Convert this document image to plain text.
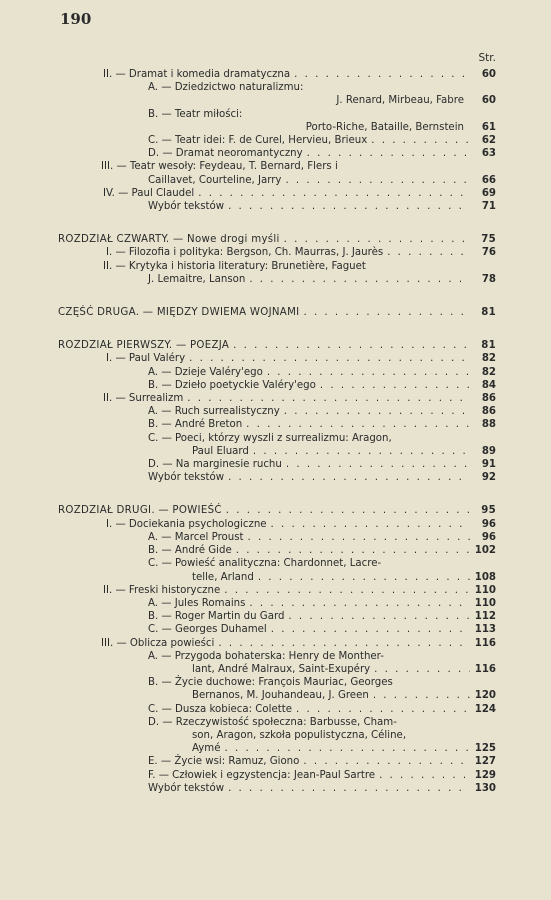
190
Str.
II. — Dramat i komedia dramatyczna . . .	60
A. — Dziedzictwo naturalizmu:
J. Renard, Mirbeau, Fabre	60
B. — Teatr miłości:
Porto-Riche, Bataille, Bernstein	61
C. — Teatr idei: F. de Curel, Hervieu, Brieux . . .	62
D. — Dramat neoromantyczny . . .	63
III. — Teatr wesoły: Feydeau, T. Bernard, Flers i
Caillavet, Courteline, Jarry . . .	66
IV. — Paul Claudel . . .	69
Wybór tekstów . . .	71
ROZDZIAŁ CZWARTY. — Nowe drogi myśli . . .	75
I. — Filozofia i polityka: Bergson, Ch. Maurras, J. Jaurès . . .	76
II. — Krytyka i historia literatury: Brunetière, Faguet
J. Lemaitre, Lanson . . .	78
CZĘŚĆ DRUGA. — MIĘDZY DWIEMA WOJNAMI . . .	81
ROZDZIAŁ PIERWSZY. — POEZJA . . .	81
I. — Paul Valéry . . .	82
A. — Dzieje Valéry'ego . . .	82
B. — Dzieło poetyckie Valéry'ego . . .	84
II. — Surrealizm . . .	86
A. — Ruch surrealistyczny . . .	86
B. — André Breton . . .	88
C. — Poeci, którzy wyszli z surrealizmu: Aragon,
Paul Eluard . . .	89
D. — Na marginesie ruchu . . .	91
Wybór tekstów . . .	92
ROZDZIAŁ DRUGI. — POWIEŚĆ . . .	95
I. — Dociekania psychologiczne . . .	96
A. — Marcel Proust . . .	96
B. — André Gide . . .	102
C. — Powieść analityczna: Chardonnet, Lacre-
telle, Arland . . .	108
II. — Freski historyczne . . .	110
A. — Jules Romains . . .	110
B. — Roger Martin du Gard . . .	112
C. — Georges Duhamel . . .	113
III. — Oblicza powieści . . .	116
A. — Przygoda bohaterska: Henry de Monther-
lant, André Malraux, Saint-Exupéry . . .	116
B. — Życie duchowe: François Mauriac, Georges
Bernanos, M. Jouhandeau, J. Green . . .	120
C. — Dusza kobieca: Colette . . .	124
D. — Rzeczywistość społeczna: Barbusse, Cham-
son, Aragon, szkoła populistyczna, Céline,
Aymé . . .	125
E. — Życie wsi: Ramuz, Giono . . .	127
F. — Człowiek i egzystencja: Jean-Paul Sartre . . .	129
Wybór tekstów . . .	130
